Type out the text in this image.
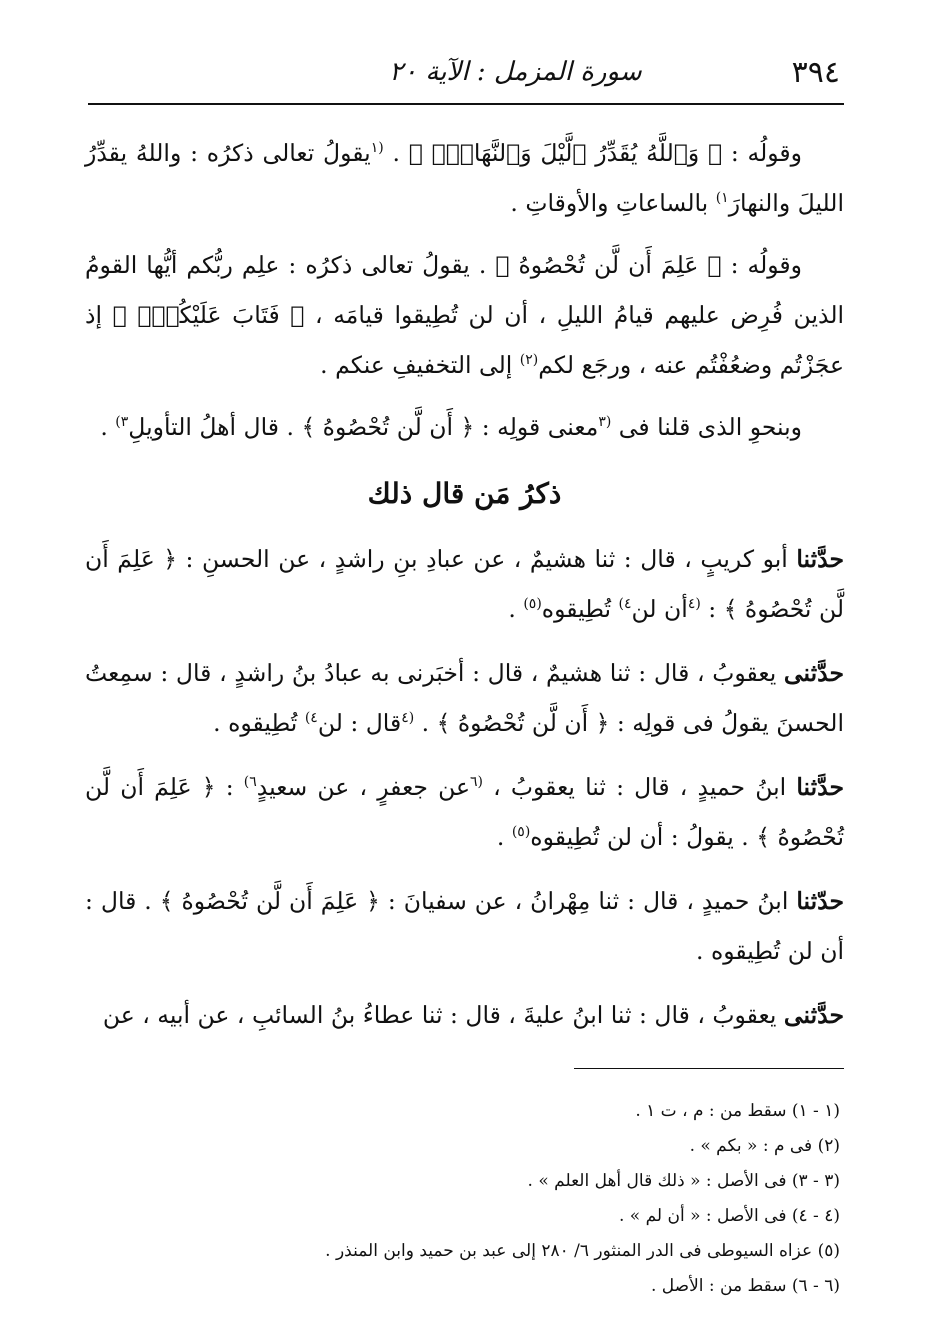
٣٩٤
سورة المزمل : الآية ٢٠

وقولُه : ﴿ وَٱللَّهُ يُقَدِّرُ ٱلَّيْلَ وَٱلنَّهَارَۚ ﴾ . $^{(١}$يقولُ تعالى ذكرُه : واللهُ يقدِّرُ الليلَ والنهارَ$^{١)}$ بالساعاتِ والأوقاتِ .

وقولُه : ﴿ عَلِمَ أَن لَّن تُحْصُوهُ ﴾ . يقولُ تعالى ذكرُه : علِم ربُّكم أيُّها القومُ الذين فُرِض عليهم قيامُ الليلِ ، أن لن تُطِيقوا قيامَه ، ﴿ فَتَابَ عَلَيْكُمْۖ ﴾ إذ عجَزْتُم وضعُفْتُم عنه ، ورجَع لكم$^{(٢)}$ إلى التخفيفِ عنكم .

وبنحوِ الذى قلنا فى $^{(٣}$معنى قولِه : ﴿ أَن لَّن تُحْصُوهُ ﴾ . قال أهلُ التأويلِ$^{٣)}$ .

ذكرُ مَن قال ذلك

حدَّثنا أبو كريبٍ ، قال : ثنا هشيمٌ ، عن عبادِ بنِ راشدٍ ، عن الحسنِ : ﴿ عَلِمَ أَن لَّن تُحْصُوهُ ﴾ : $^{(٤}$أن لن$^{٤)}$ تُطِيقوه$^{(٥)}$ .

حدَّثنى يعقوبُ ، قال : ثنا هشيمٌ ، قال : أخبَرنى به عبادُ بنُ راشدٍ ، قال : سمِعتُ الحسنَ يقولُ فى قولِه : ﴿ أَن لَّن تُحْصُوهُ ﴾ . $^{(٤}$قال : لن$^{٤)}$ تُطِيقوه .

حدَّثنا ابنُ حميدٍ ، قال : ثنا يعقوبُ ، $^{(٦}$عن جعفرٍ ، عن سعيدٍ$^{٦)}$ : ﴿ عَلِمَ أَن لَّن تُحْصُوهُ ﴾ . يقولُ : أن لن تُطِيقوه$^{(٥)}$ .

حدّثنا ابنُ حميدٍ ، قال : ثنا مِهْرانُ ، عن سفيانَ : ﴿ عَلِمَ أَن لَّن تُحْصُوهُ ﴾ . قال : أن لن تُطِيقوه .

حدَّثنى يعقوبُ ، قال : ثنا ابنُ عليةَ ، قال : ثنا عطاءُ بنُ السائبِ ، عن أبيه ، عن

(١ - ١) سقط من : م ، ت ١ .

(٢) فى م : « بكم » .

(٣ - ٣) فى الأصل : « ذلك قال أهل العلم » .

(٤ - ٤) فى الأصل : « أن لم » .

(٥) عزاه السيوطى فى الدر المنثور ٦/ ٢٨٠ إلى عبد بن حميد وابن المنذر .

(٦ - ٦) سقط من : الأصل .
